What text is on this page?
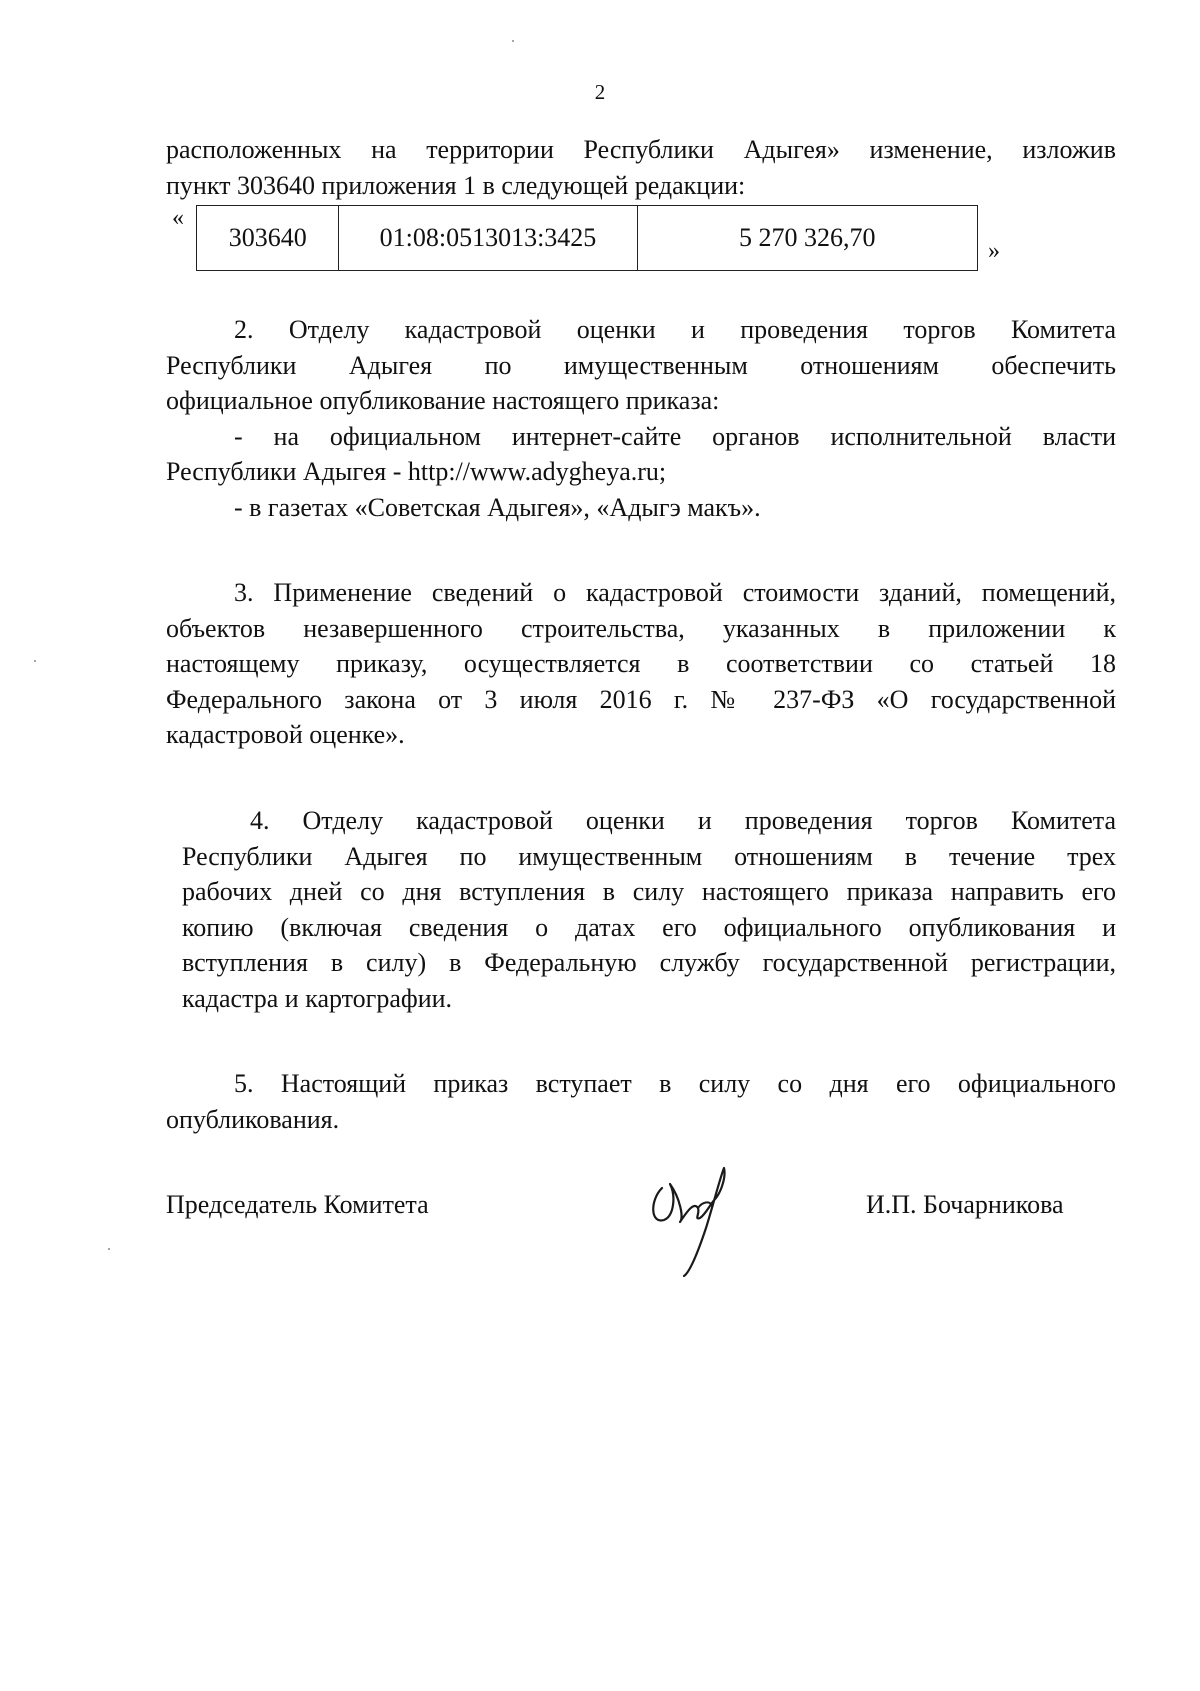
2
расположенных на территории Республики Адыгея» изменение, изложив
пункт 303640 приложения 1 в следующей редакции:
«
303640	01:08:0513013:3425	5 270 326,70	»
2. Отделу кадастровой оценки и проведения торгов Комитета
Республики Адыгея по имущественным отношениям обеспечить
официальное опубликование настоящего приказа:
- на официальном интернет-сайте органов исполнительной власти
Республики Адыгея - http://www.adygheya.ru;
- в газетах «Советская Адыгея», «Адыгэ макъ».
3. Применение сведений о кадастровой стоимости зданий, помещений,
объектов незавершенного строительства, указанных в приложении к
настоящему приказу, осуществляется в соответствии со статьей 18
Федерального закона от 3 июля 2016 г. № 237-ФЗ «О государственной
кадастровой оценке».
4. Отделу кадастровой оценки и проведения торгов Комитета
Республики Адыгея по имущественным отношениям в течение трех
рабочих дней со дня вступления в силу настоящего приказа направить его
копию (включая сведения о датах его официального опубликования и
вступления в силу) в Федеральную службу государственной регистрации,
кадастра и картографии.
5. Настоящий приказ вступает в силу со дня его официального
опубликования.
Председатель Комитета	И.П. Бочарникова
